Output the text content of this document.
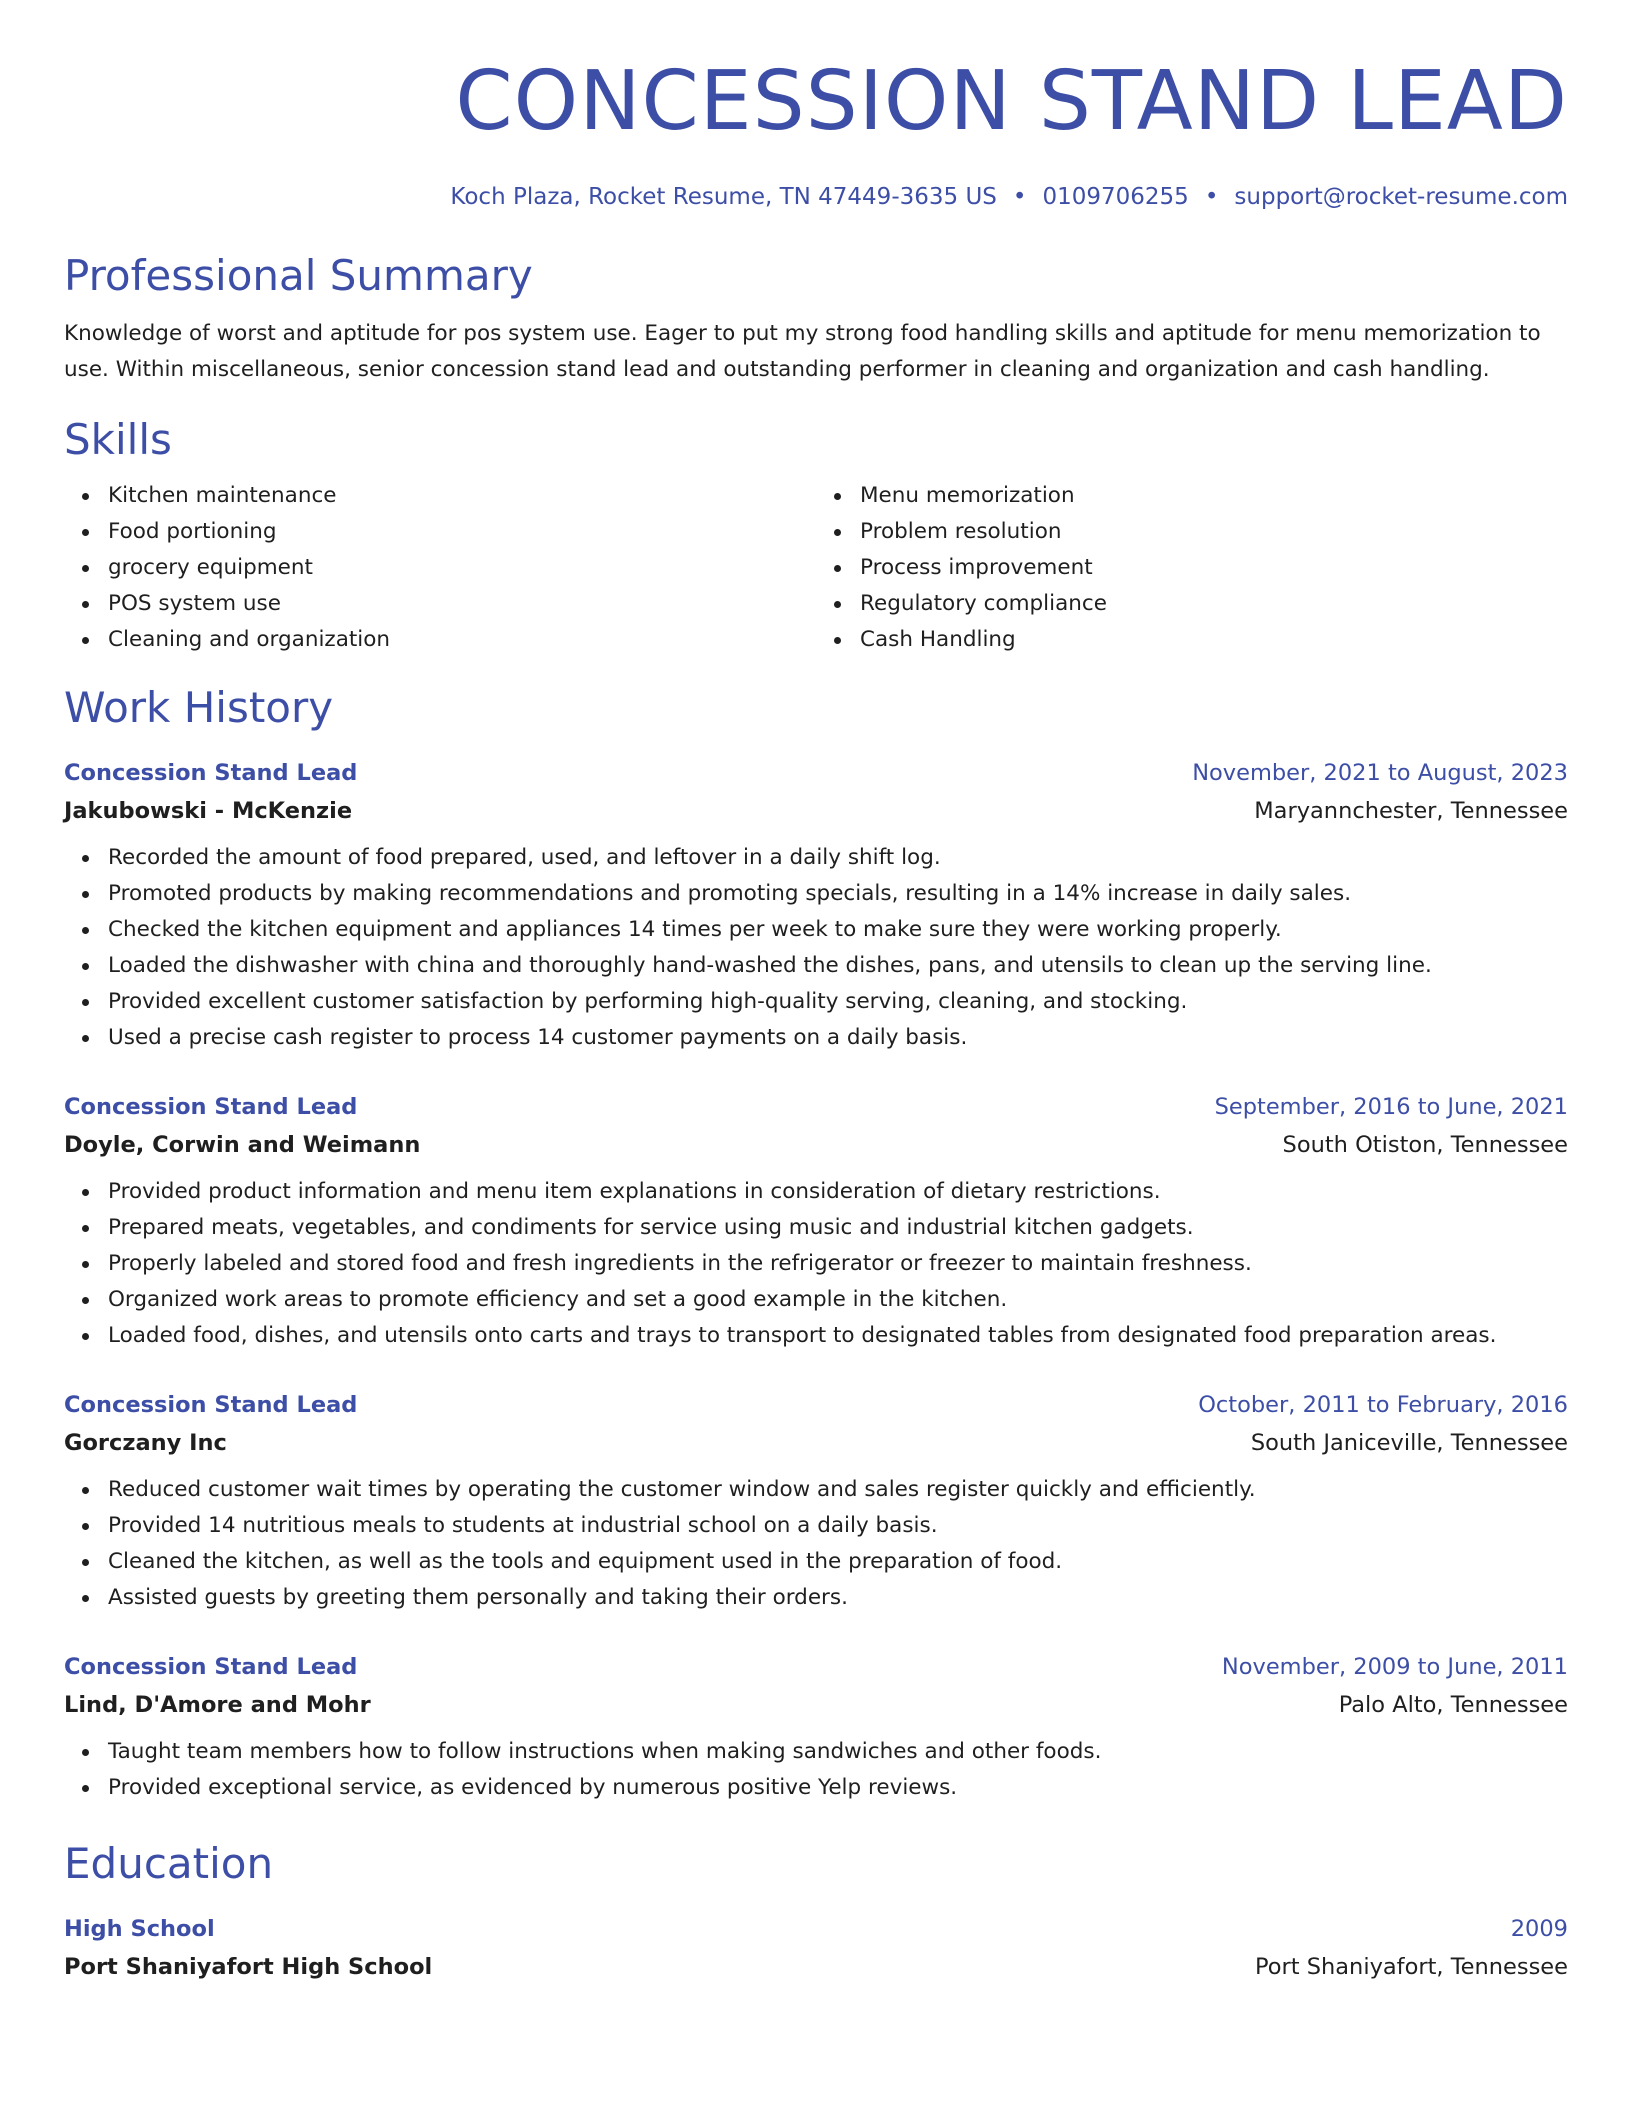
CONCESSION STAND LEAD
Koch Plaza, Rocket Resume, TN 47449-3635 US • 0109706255 • support@rocket-resume.com
Professional Summary
Knowledge of worst and aptitude for pos system use. Eager to put my strong food handling skills and aptitude for menu memorization to use. Within miscellaneous, senior concession stand lead and outstanding performer in cleaning and organization and cash handling.
Skills
Kitchen maintenance
Food portioning
grocery equipment
POS system use
Cleaning and organization
Menu memorization
Problem resolution
Process improvement
Regulatory compliance
Cash Handling
Work History
Concession Stand Lead	November, 2021 to August, 2023
Jakubowski - McKenzie	Maryannchester, Tennessee
Recorded the amount of food prepared, used, and leftover in a daily shift log.
Promoted products by making recommendations and promoting specials, resulting in a 14% increase in daily sales.
Checked the kitchen equipment and appliances 14 times per week to make sure they were working properly.
Loaded the dishwasher with china and thoroughly hand-washed the dishes, pans, and utensils to clean up the serving line.
Provided excellent customer satisfaction by performing high-quality serving, cleaning, and stocking.
Used a precise cash register to process 14 customer payments on a daily basis.
Concession Stand Lead	September, 2016 to June, 2021
Doyle, Corwin and Weimann	South Otiston, Tennessee
Provided product information and menu item explanations in consideration of dietary restrictions.
Prepared meats, vegetables, and condiments for service using music and industrial kitchen gadgets.
Properly labeled and stored food and fresh ingredients in the refrigerator or freezer to maintain freshness.
Organized work areas to promote efficiency and set a good example in the kitchen.
Loaded food, dishes, and utensils onto carts and trays to transport to designated tables from designated food preparation areas.
Concession Stand Lead	October, 2011 to February, 2016
Gorczany Inc	South Janiceville, Tennessee
Reduced customer wait times by operating the customer window and sales register quickly and efficiently.
Provided 14 nutritious meals to students at industrial school on a daily basis.
Cleaned the kitchen, as well as the tools and equipment used in the preparation of food.
Assisted guests by greeting them personally and taking their orders.
Concession Stand Lead	November, 2009 to June, 2011
Lind, D'Amore and Mohr	Palo Alto, Tennessee
Taught team members how to follow instructions when making sandwiches and other foods.
Provided exceptional service, as evidenced by numerous positive Yelp reviews.
Education
High School	2009
Port Shaniyafort High School	Port Shaniyafort, Tennessee
